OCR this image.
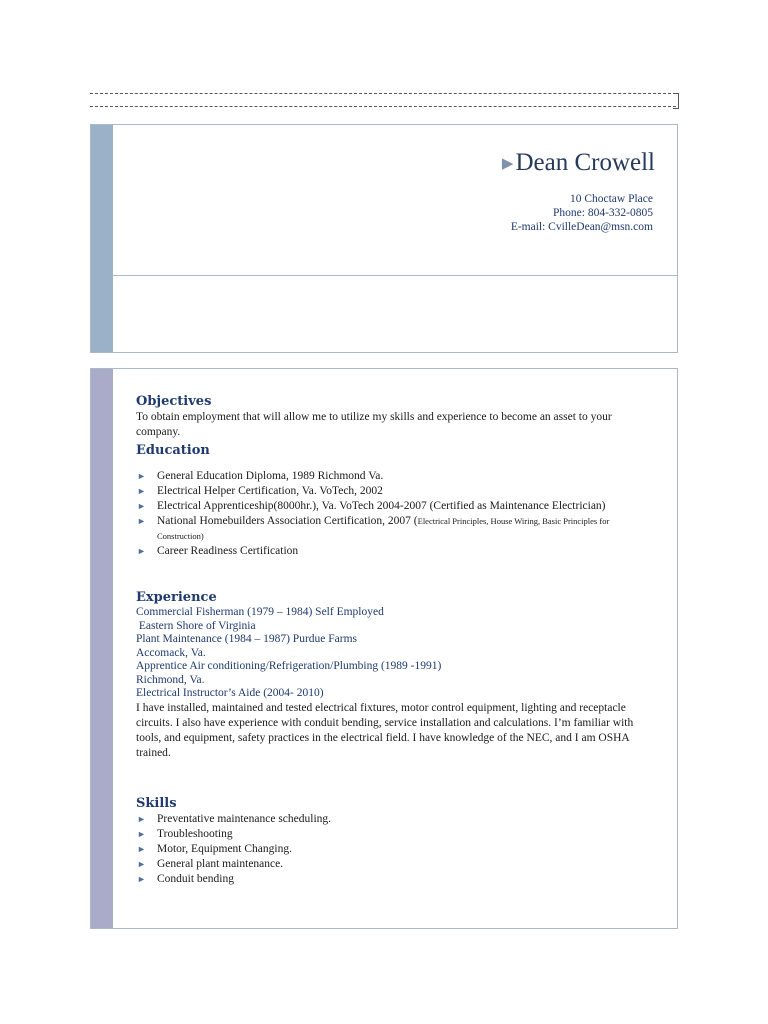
▶ Dean Crowell
10 Choctaw Place
Phone: 804-332-0805
E-mail: CvilleDean@msn.com
Objectives

To obtain employment that will allow me to utilize my skills and experience to become an asset to your company.

Education
► General Education Diploma, 1989 Richmond Va.
► Electrical Helper Certification, Va. VoTech, 2002
► Electrical Apprenticeship(8000hr.), Va. VoTech 2004-2007 (Certified as Maintenance Electrician)
► National Homebuilders Association Certification, 2007 (Electrical Principles, House Wiring, Basic Principles for Construction)
► Career Readiness Certification
Experience
Commercial Fisherman (1979 – 1984) Self Employed
Eastern Shore of Virginia
Plant Maintenance (1984 – 1987) Purdue Farms
Accomack, Va.
Apprentice Air conditioning/Refrigeration/Plumbing (1989 -1991)
Richmond, Va.
Electrical Instructor’s Aide (2004- 2010)

I have installed, maintained and tested electrical fixtures, motor control equipment, lighting and receptacle circuits. I also have experience with conduit bending, service installation and calculations. I’m familiar with tools, and equipment, safety practices in the electrical field. I have knowledge of the NEC, and I am OSHA trained.

Skills
► Preventative maintenance scheduling.
► Troubleshooting
► Motor, Equipment Changing.
► General plant maintenance.
► Conduit bending
